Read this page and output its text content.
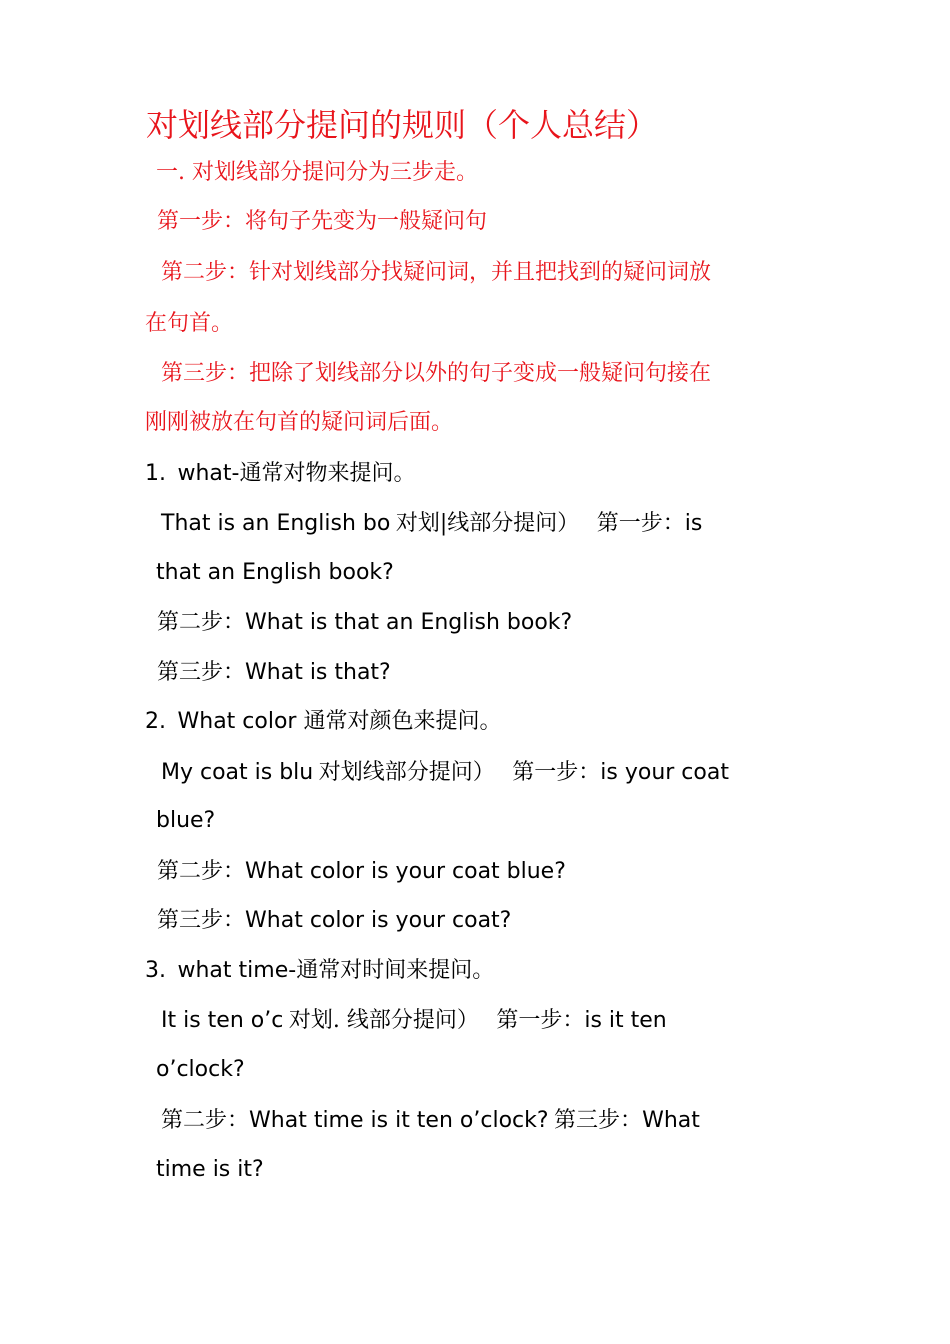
对划线部分提问的规则（个人总结）
一. 对划线部分提问分为三步走。
第一步：将句子先变为一般疑问句
第二步：针对划线部分找疑问词，并且把找到的疑问词放
在句首。
第三步：把除了划线部分以外的句子变成一般疑问句接在
刚刚被放在句首的疑问词后面。
1. what-通常对物来提问。
That is an English bo 对划|线部分提问） 第一步：is
that an English book?
第二步：What is that an English book?
第三步：What is that?
2. What color 通常对颜色来提问。
My coat is blu 对划线部分提问） 第一步：is your coat
blue?
第二步：What color is your coat blue?
第三步：What color is your coat?
3. what time-通常对时间来提问。
It is ten o’c 对划. 线部分提问） 第一步：is it ten
o’clock?
第二步：What time is it ten o’clock? 第三步：What
time is it?
